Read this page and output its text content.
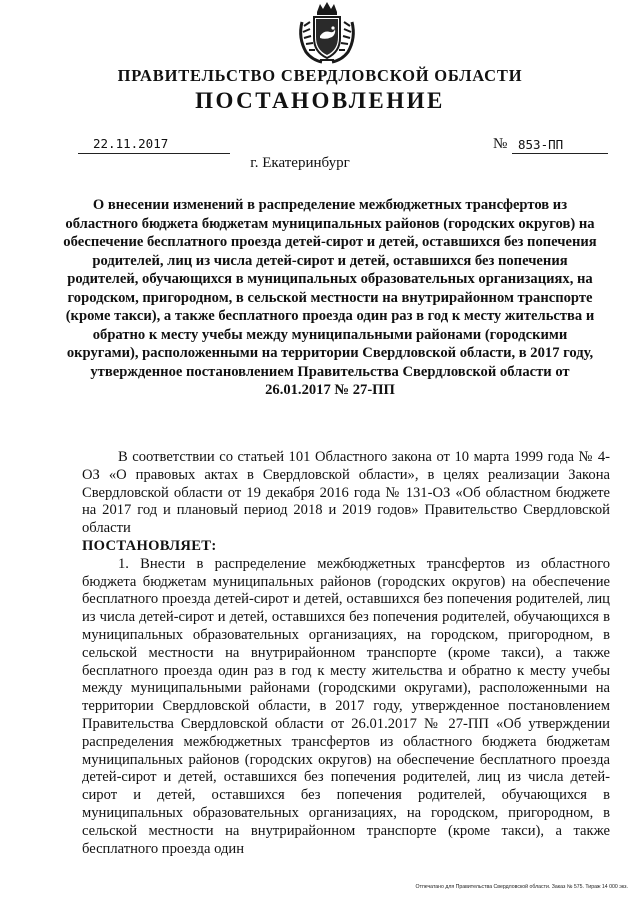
ПРАВИТЕЛЬСТВО СВЕРДЛОВСКОЙ ОБЛАСТИ
ПОСТАНОВЛЕНИЕ
22.11.2017	№ 853-ПП
г. Екатеринбург

О внесении изменений в распределение межбюджетных трансфертов из областного бюджета бюджетам муниципальных районов (городских округов) на обеспечение бесплатного проезда детей-сирот и детей, оставшихся без попечения родителей, лиц из числа детей-сирот и детей, оставшихся без попечения родителей, обучающихся в муниципальных образовательных организациях, на городском, пригородном, в сельской местности на внутрирайонном транспорте (кроме такси), а также бесплатного проезда один раз в год к месту жительства и обратно к месту учебы между муниципальными районами (городскими округами), расположенными на территории Свердловской области, в 2017 году, утвержденное постановлением Правительства Свердловской области от 26.01.2017 № 27-ПП

В соответствии со статьей 101 Областного закона от 10 марта 1999 года № 4-ОЗ «О правовых актах в Свердловской области», в целях реализации Закона Свердловской области от 19 декабря 2016 года № 131-ОЗ «Об областном бюджете на 2017 год и плановый период 2018 и 2019 годов» Правительство Свердловской области

ПОСТАНОВЛЯЕТ:

1. Внести в распределение межбюджетных трансфертов из областного бюджета бюджетам муниципальных районов (городских округов) на обеспечение бесплатного проезда детей-сирот и детей, оставшихся без попечения родителей, лиц из числа детей-сирот и детей, оставшихся без попечения родителей, обучающихся в муниципальных образовательных организациях, на городском, пригородном, в сельской местности на внутрирайонном транспорте (кроме такси), а также бесплатного проезда один раз в год к месту жительства и обратно к месту учебы между муниципальными районами (городскими округами), расположенными на территории Свердловской области, в 2017 году, утвержденное постановлением Правительства Свердловской области от 26.01.2017 № 27-ПП «Об утверждении распределения межбюджетных трансфертов из областного бюджета бюджетам муниципальных районов (городских округов) на обеспечение бесплатного проезда детей-сирот и детей, оставшихся без попечения родителей, лиц из числа детей-сирот и детей, оставшихся без попечения родителей, обучающихся в муниципальных образовательных организациях, на городском, пригородном, в сельской местности на внутрирайонном транспорте (кроме такси), а также бесплатного проезда один

Отпечатано для Правительства Свердловской области. Заказ № 575. Тираж 14 000 экз.
